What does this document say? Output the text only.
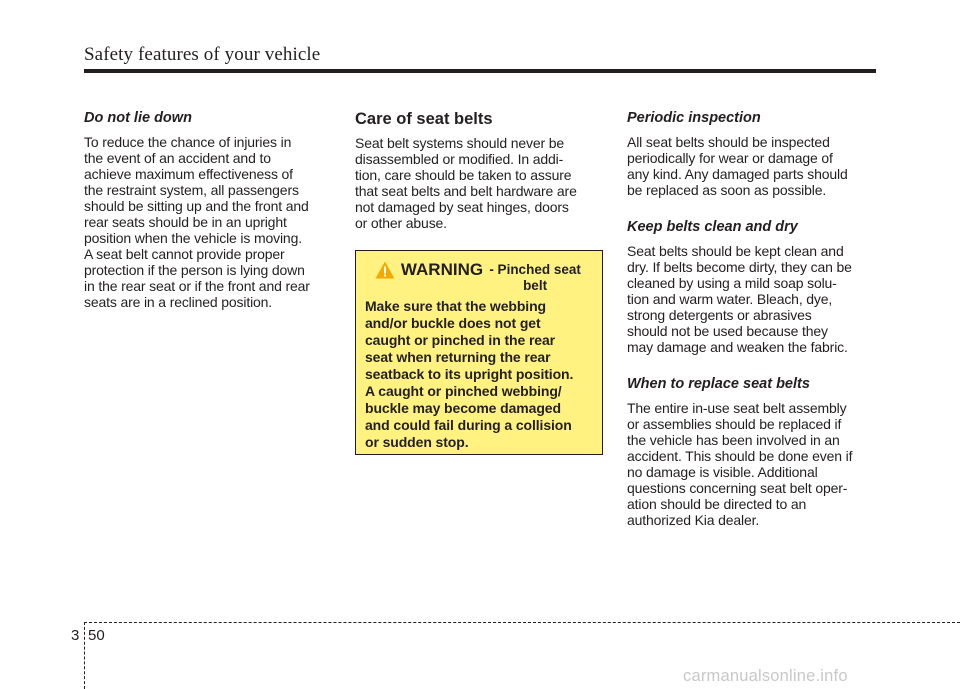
Safety features of your vehicle
Do not lie down

To reduce the chance of injuries in
the event of an accident and to
achieve maximum effectiveness of
the restraint system, all passengers
should be sitting up and the front and
rear seats should be in an upright
position when the vehicle is moving.
A seat belt cannot provide proper
protection if the person is lying down
in the rear seat or if the front and rear
seats are in a reclined position.

Care of seat belts

Seat belt systems should never be
disassembled or modified. In addi-
tion, care should be taken to assure
that seat belts and belt hardware are
not damaged by seat hinges, doors
or other abuse.

WARNING - Pinched seat belt

Make sure that the webbing
and/or buckle does not get
caught or pinched in the rear
seat when returning the rear
seatback to its upright position.
A caught or pinched webbing/
buckle may become damaged
and could fail during a collision
or sudden stop.

Periodic inspection

All seat belts should be inspected
periodically for wear or damage of
any kind. Any damaged parts should
be replaced as soon as possible.

Keep belts clean and dry

Seat belts should be kept clean and
dry. If belts become dirty, they can be
cleaned by using a mild soap solu-
tion and warm water. Bleach, dye,
strong detergents or abrasives
should not be used because they
may damage and weaken the fabric.

When to replace seat belts

The entire in-use seat belt assembly
or assemblies should be replaced if
the vehicle has been involved in an
accident. This should be done even if
no damage is visible. Additional
questions concerning seat belt oper-
ation should be directed to an
authorized Kia dealer.

3 50
carmanualsonline.info
